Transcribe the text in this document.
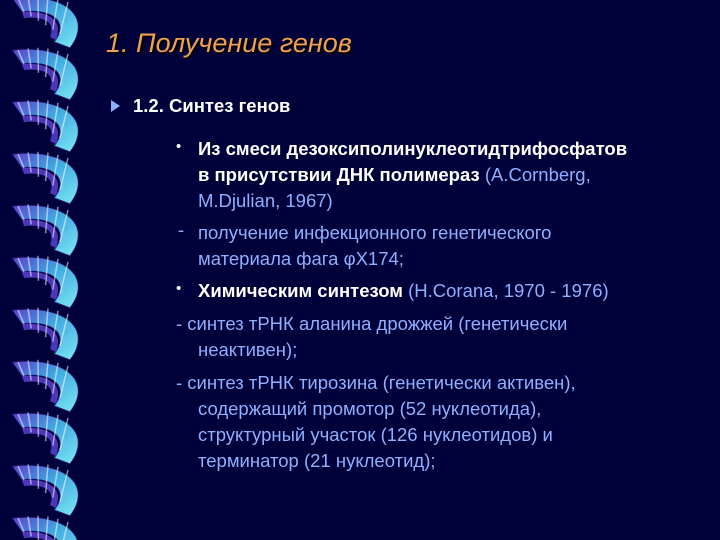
1. Получение генов
1.2. Синтез генов
• Из смеси дезоксиполинуклеотидтрифосфатов
в присутствии ДНК полимераз (A.Cornberg,
M.Djulian, 1967)
- получение инфекционного генетического
материала фага φХ174;
• Химическим синтезом (H.Corana, 1970 - 1976)
- синтез тРНК аланина дрожжей (генетически
неактивен);
- синтез тРНК тирозина (генетически активен),
содержащий промотор (52 нуклеотида),
структурный участок (126 нуклеотидов) и
терминатор (21 нуклеотид);
